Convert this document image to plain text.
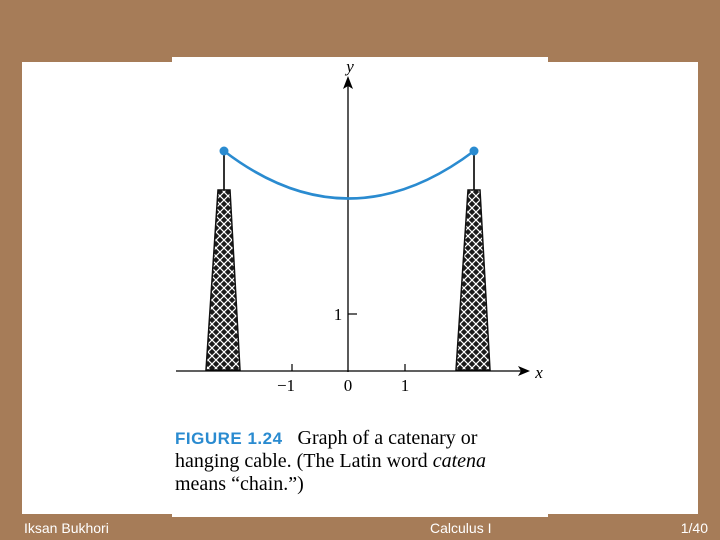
−1	0	1
1
y
x
FIGURE 1.24 Graph of a catenary or
hanging cable. (The Latin word catena
means “chain.”)
Iksan Bukhori	Calculus I	1/40
